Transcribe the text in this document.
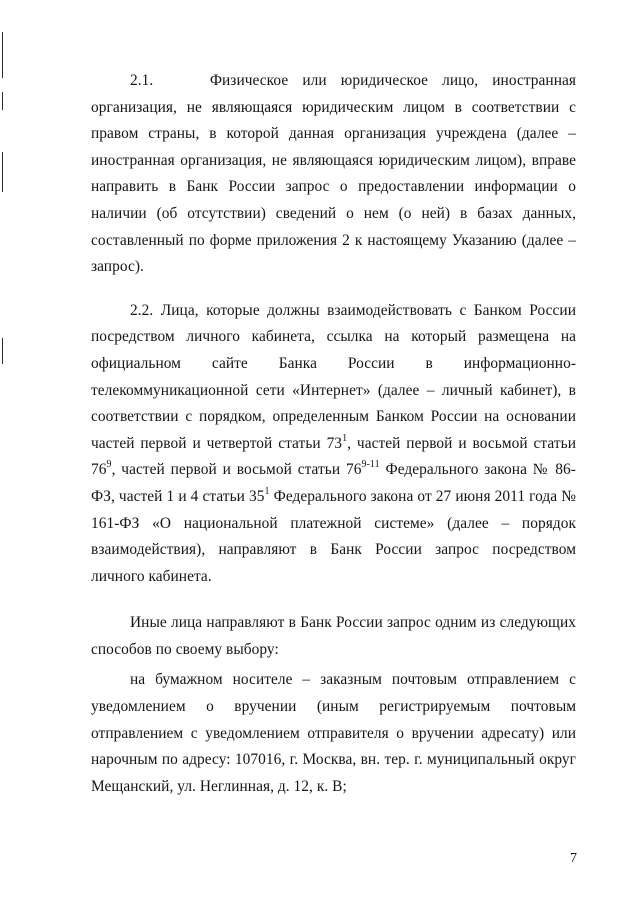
2.1.    Физическое или юридическое лицо, иностранная организация, не являющаяся юридическим лицом в соответствии с правом страны, в которой данная организация учреждена (далее – иностранная организация, не являющаяся юридическим лицом), вправе направить в Банк России запрос о предоставлении информации о наличии (об отсутствии) сведений о нем (о ней) в базах данных, составленный по форме приложения 2 к настоящему Указанию (далее – запрос).

2.2. Лица, которые должны взаимодействовать с Банком России посредством личного кабинета, ссылка на который размещена на официальном сайте Банка России в информационно-телекоммуникационной сети «Интернет» (далее – личный кабинет), в соответствии с порядком, определенным Банком России на основании частей первой и четвертой статьи $73^1$, частей первой и восьмой статьи $76^9$, частей первой и восьмой статьи 76$^{9-11}$ Федерального закона № 86-ФЗ, частей 1 и 4 статьи $35^1$ Федерального закона от 27 июня 2011 года № 161-ФЗ «О национальной платежной системе» (далее – порядок взаимодействия), направляют в Банк России запрос посредством личного кабинета.

Иные лица направляют в Банк России запрос одним из следующих способов по своему выбору:

на бумажном носителе – заказным почтовым отправлением с уведомлением о вручении (иным регистрируемым почтовым отправлением с уведомлением отправителя о вручении адресату) или нарочным по адресу: 107016, г. Москва, вн. тер. г. муниципальный округ Мещанский, ул. Неглинная, д. 12, к. В;

7
